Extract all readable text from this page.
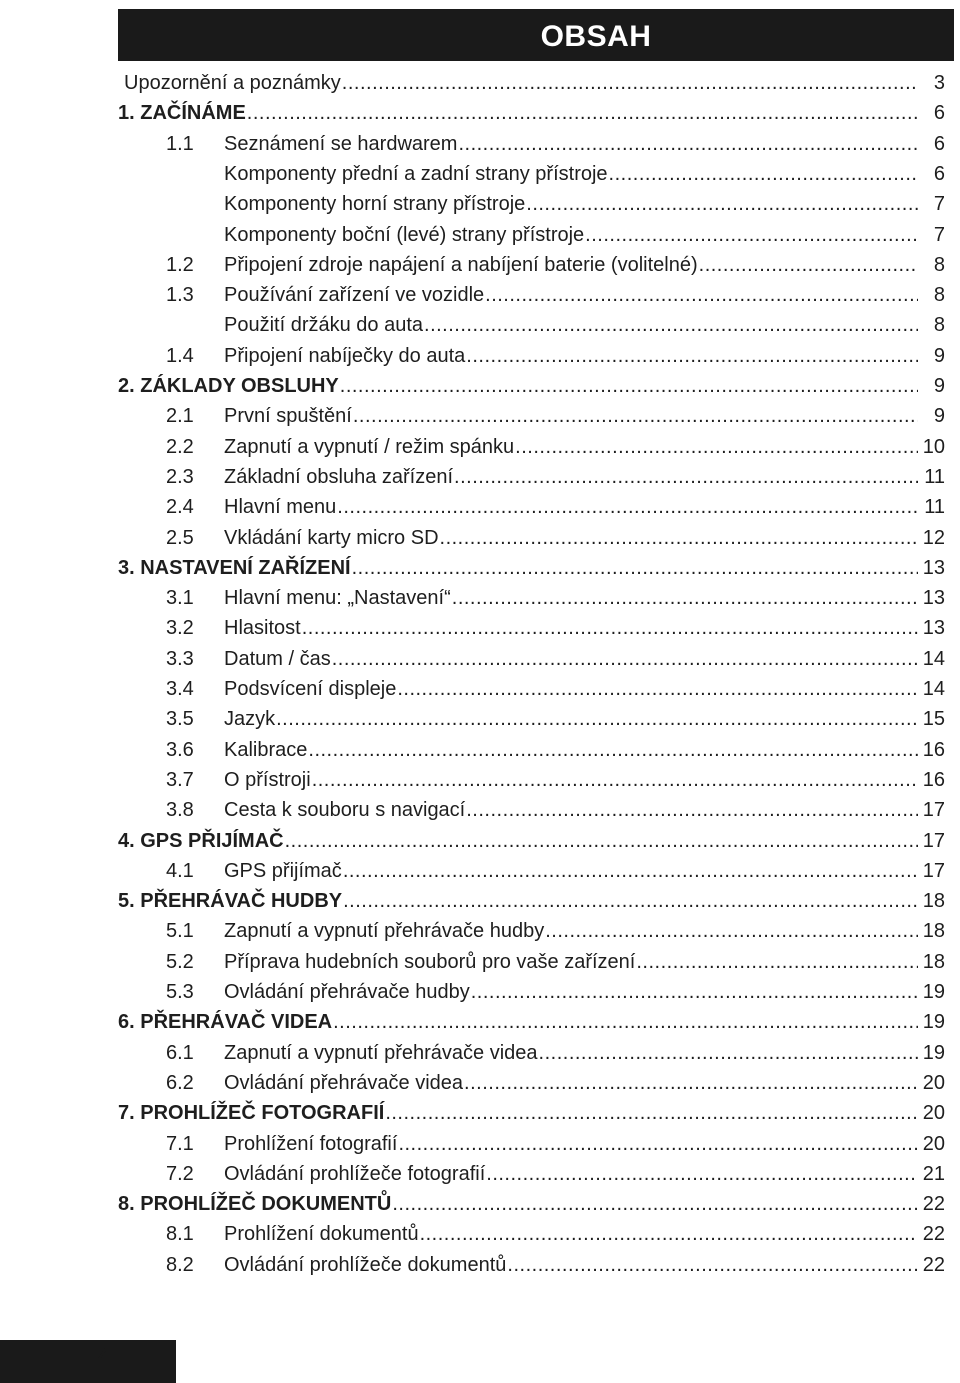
OBSAH
Upozornění a poznámky .....	3
1. ZAČÍNÁME .....	6
1.1 Seznámení se hardwarem .....	6
Komponenty přední a zadní strany přístroje .....	6
Komponenty horní strany přístroje .....	7
Komponenty boční (levé) strany přístroje .....	7
1.2 Připojení zdroje napájení a nabíjení baterie (volitelné) .....	8
1.3 Používání zařízení ve vozidle .....	8
Použití držáku do auta .....	8
1.4 Připojení nabíječky do auta .....	9
2. ZÁKLADY OBSLUHY .....	9
2.1 První spuštění .....	9
2.2 Zapnutí a vypnutí / režim spánku .....	10
2.3 Základní obsluha zařízení .....	11
2.4 Hlavní menu .....	11
2.5 Vkládání karty micro SD .....	12
3. NASTAVENÍ ZAŘÍZENÍ .....	13
3.1 Hlavní menu: „Nastavení“ .....	13
3.2 Hlasitost .....	13
3.3 Datum / čas .....	14
3.4 Podsvícení displeje .....	14
3.5 Jazyk .....	15
3.6 Kalibrace .....	16
3.7 O přístroji .....	16
3.8 Cesta k souboru s navigací .....	17
4. GPS PŘIJÍMAČ .....	17
4.1 GPS přijímač .....	17
5. PŘEHRÁVAČ HUDBY .....	18
5.1 Zapnutí a vypnutí přehrávače hudby .....	18
5.2 Příprava hudebních souborů pro vaše zařízení .....	18
5.3 Ovládání přehrávače hudby .....	19
6. PŘEHRÁVAČ VIDEA .....	19
6.1 Zapnutí a vypnutí přehrávače videa .....	19
6.2 Ovládání přehrávače videa .....	20
7. PROHLÍŽEČ FOTOGRAFIÍ .....	20
7.1 Prohlížení fotografií .....	20
7.2 Ovládání prohlížeče fotografií .....	21
8. PROHLÍŽEČ DOKUMENTŮ .....	22
8.1 Prohlížení dokumentů .....	22
8.2 Ovládání prohlížeče dokumentů .....	22
4
